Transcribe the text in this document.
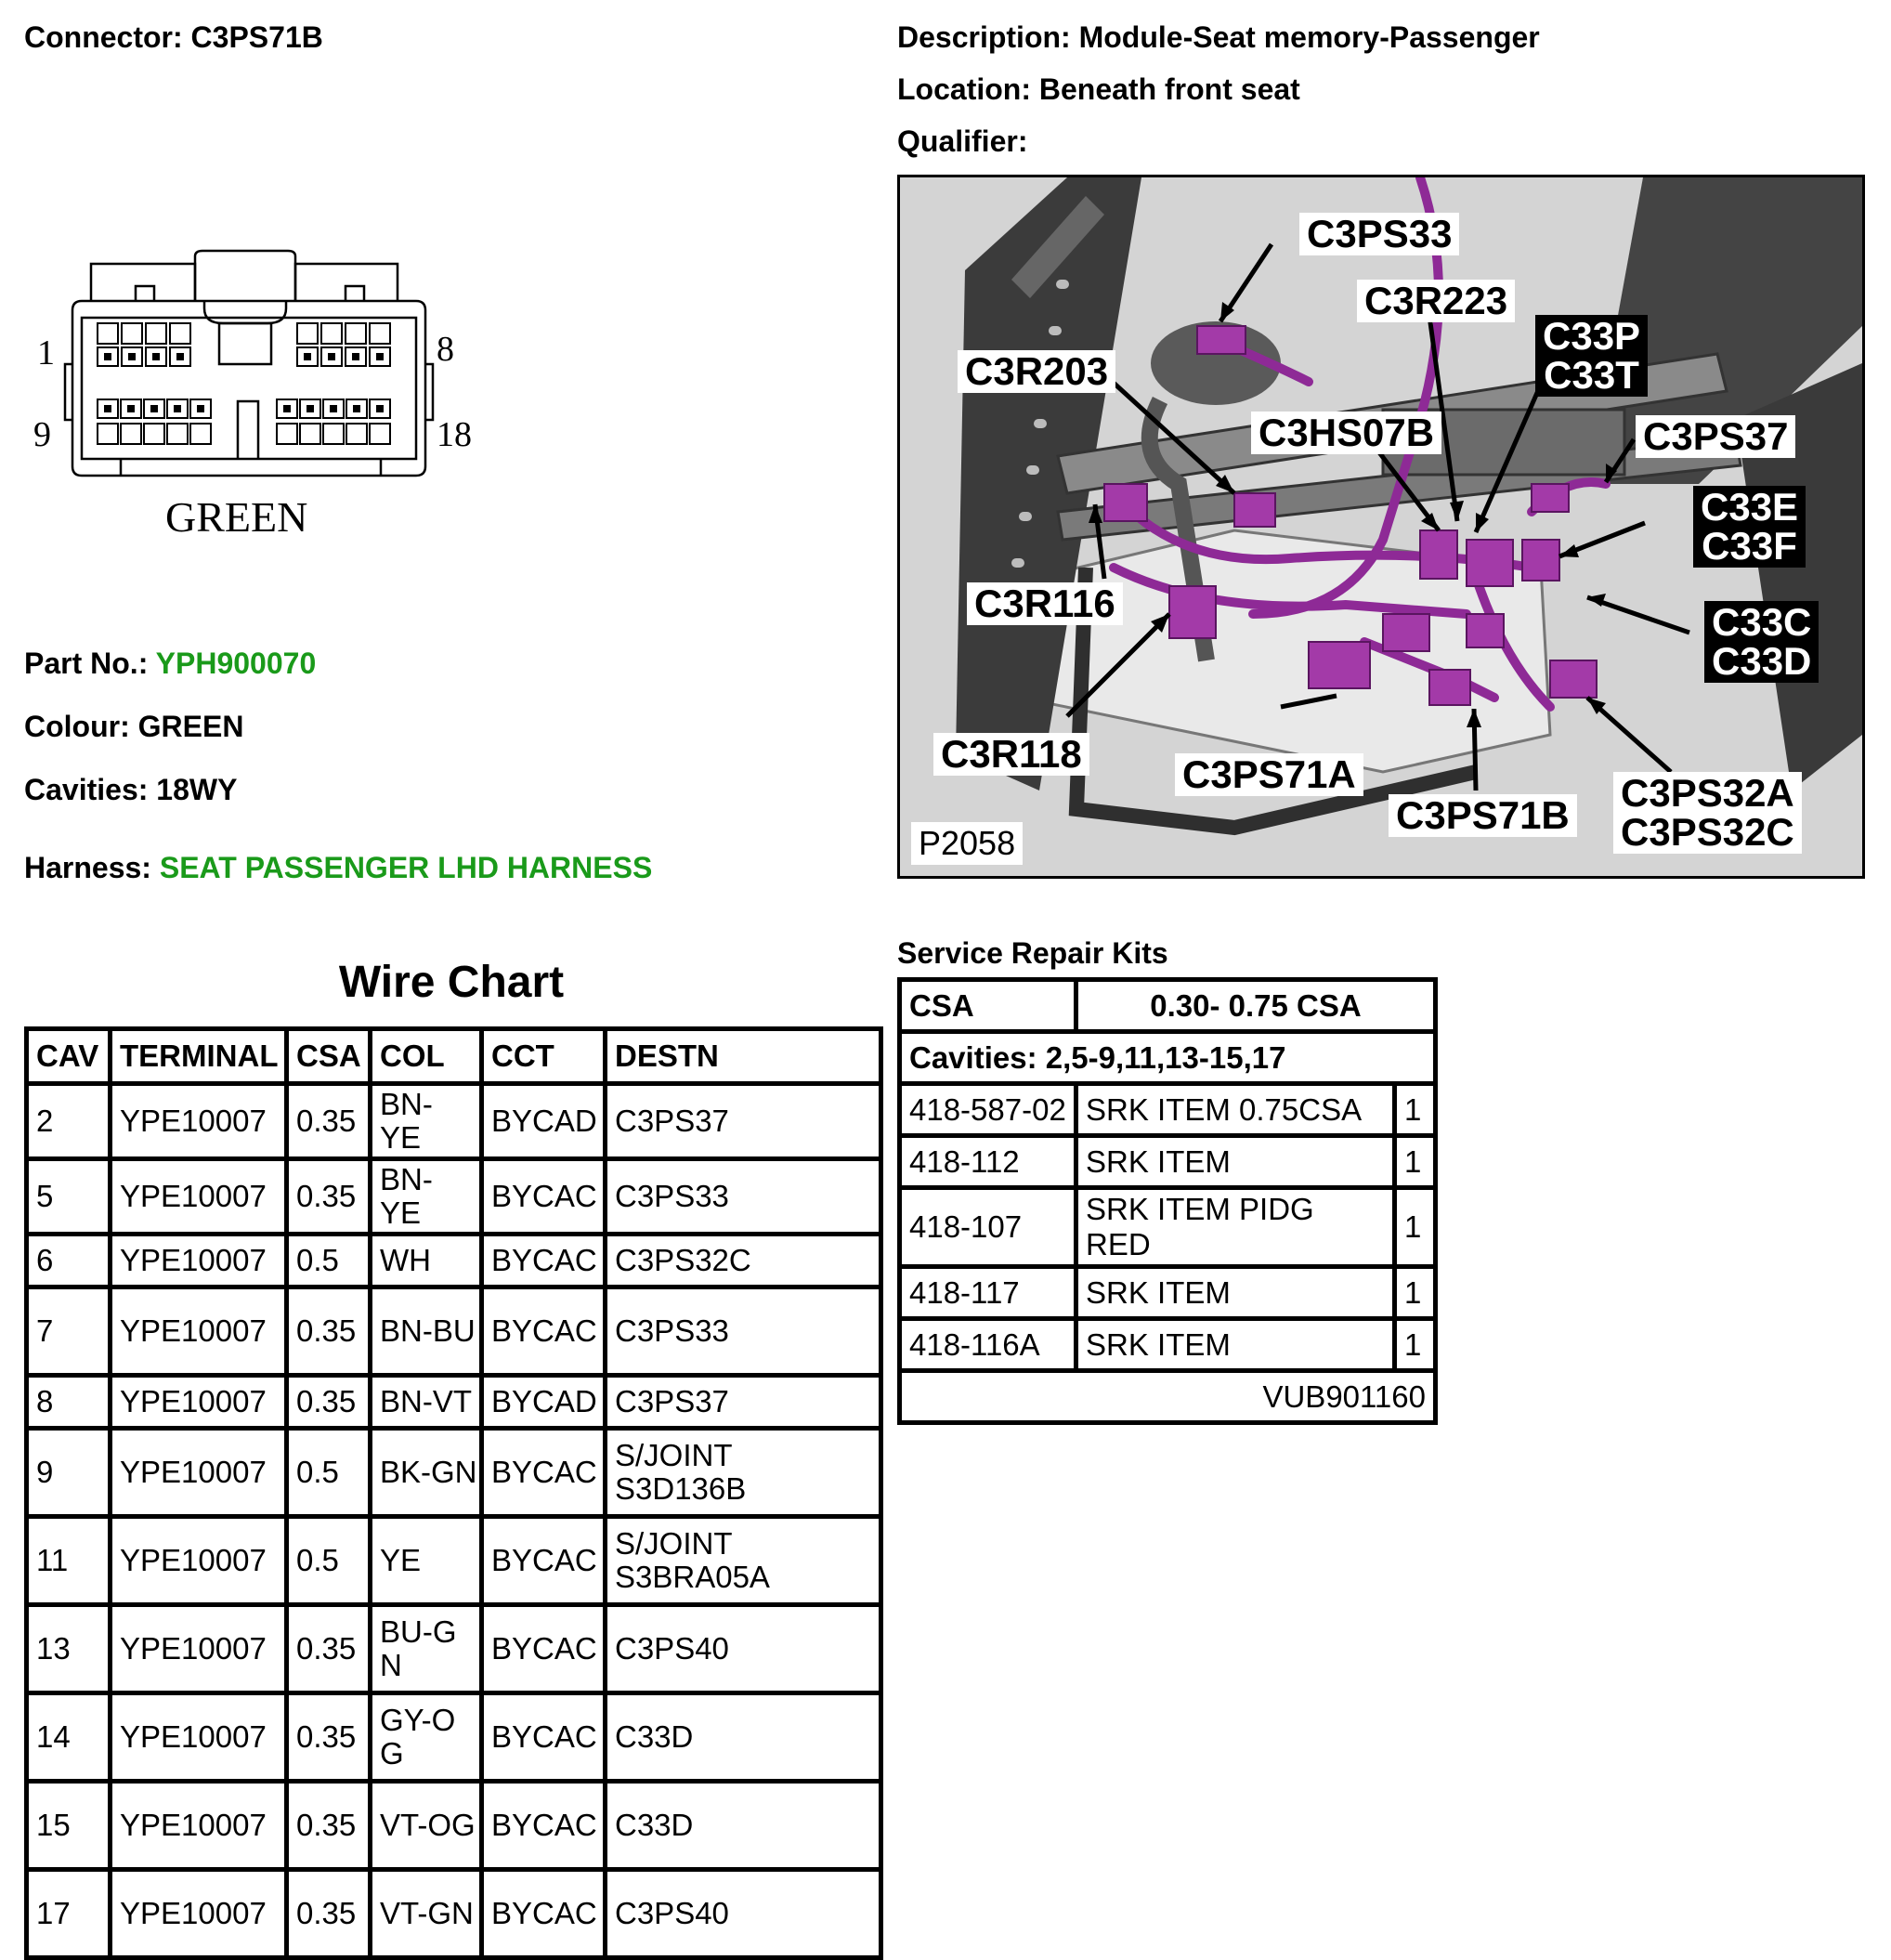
Connector: C3PS71B	Description: Module-Seat memory-Passenger
Location: Beneath front seat
Qualifier:
1	8
9	18
GREEN
Part No.: YPH900070
Colour: GREEN
Cavities: 18WY
Harness: SEAT PASSENGER LHD HARNESS
C3PS33
C3R223
C3R203
C33P
C33T
C3HS07B	C3PS37
C33E
C33F
C3R116	C33C
C33D
C3R118	C3PS71A
C3PS71B
C3PS32A
C3PS32C
P2058
Wire Chart
CAV	TERMINAL	CSA	COL	CCT	DESTN
2	YPE10007	0.35	BN-YE	BYCAD	C3PS37
5	YPE10007	0.35	BN-YE	BYCAC	C3PS33
6	YPE10007	0.5	WH	BYCAC	C3PS32C
7	YPE10007	0.35	BN-BU	BYCAC	C3PS33
8	YPE10007	0.35	BN-VT	BYCAD	C3PS37
9	YPE10007	0.5	BK-GN	BYCAC	S/JOINT S3D136B
11	YPE10007	0.5	YE	BYCAC	S/JOINT S3BRA05A
13	YPE10007	0.35	BU-GN	BYCAC	C3PS40
14	YPE10007	0.35	GY-OG	BYCAC	C33D
15	YPE10007	0.35	VT-OG	BYCAC	C33D
17	YPE10007	0.35	VT-GN	BYCAC	C3PS40
Service Repair Kits
CSA	0.30- 0.75 CSA	
Cavities: 2,5-9,11,13-15,17		
418-587-02	SRK ITEM 0.75CSA	1
418-112	SRK ITEM	1
418-107	SRK ITEM PIDG RED	1
418-117	SRK ITEM	1
418-116A	SRK ITEM	1
VUB901160		
